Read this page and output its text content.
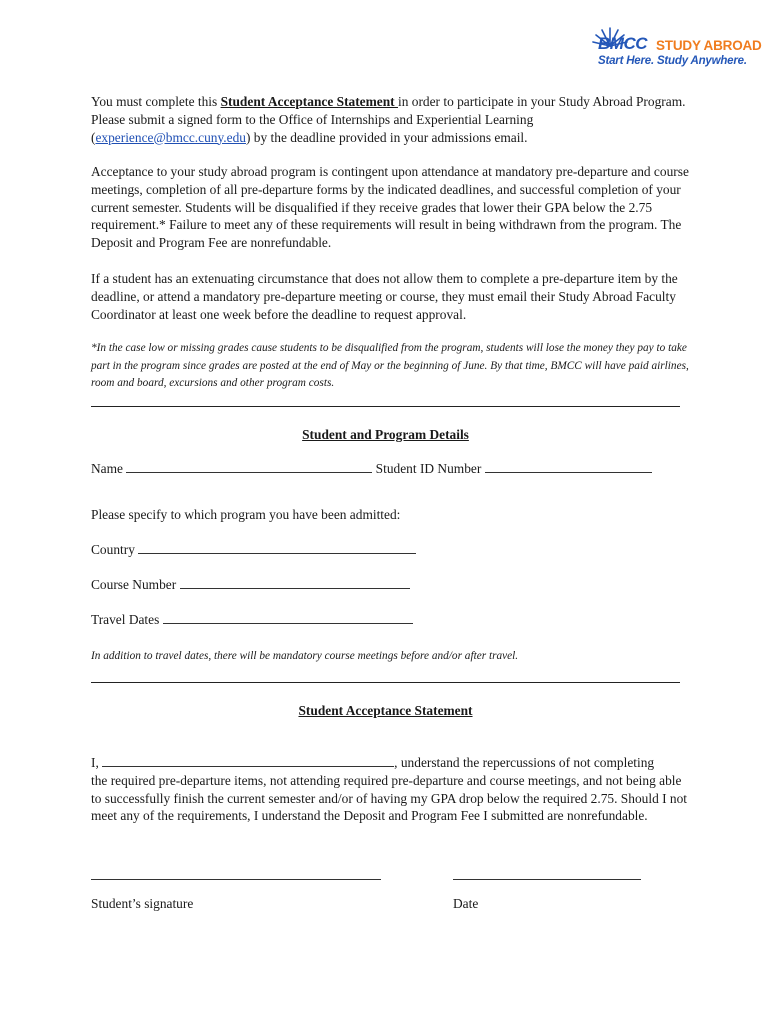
BMCC STUDY ABROAD
Start Here. Study Anywhere.

You must complete this Student Acceptance Statement in order to participate in your Study Abroad Program. Please submit a signed form to the Office of Internships and Experiential Learning (experience@bmcc.cuny.edu) by the deadline provided in your admissions email.

Acceptance to your study abroad program is contingent upon attendance at mandatory pre-departure and course meetings, completion of all pre-departure forms by the indicated deadlines, and successful completion of your current semester. Students will be disqualified if they receive grades that lower their GPA below the 2.75 requirement.* Failure to meet any of these requirements will result in being withdrawn from the program. The Deposit and Program Fee are nonrefundable.

If a student has an extenuating circumstance that does not allow them to complete a pre-departure item by the deadline, or attend a mandatory pre-departure meeting or course, they must email their Study Abroad Faculty Coordinator at least one week before the deadline to request approval.

*In the case low or missing grades cause students to be disqualified from the program, students will lose the money they pay to take part in the program since grades are posted at the end of May or the beginning of June. By that time, BMCC will have paid airlines, room and board, excursions and other program costs.

Student and Program Details
Name	Student ID Number
Please specify to which program you have been admitted:
Country
Course Number
Travel Dates
In addition to travel dates, there will be mandatory course meetings before and/or after travel.
Student Acceptance Statement

I,	, understand the repercussions of not completing
the required pre-departure items, not attending required pre-departure and course meetings, and not being able to successfully finish the current semester and/or of having my GPA drop below the required 2.75. Should I not meet any of the requirements, I understand the Deposit and Program Fee I submitted are nonrefundable.

Student’s signature	Date
